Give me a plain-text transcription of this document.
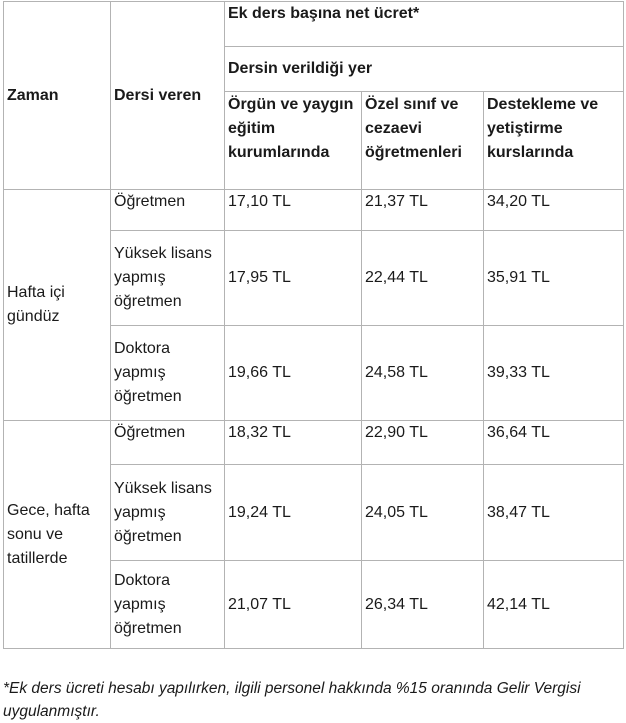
Zaman	Dersi veren	Ek ders başına net ücret*		
		Dersin verildiği yer		
		Örgün ve yaygın eğitim kurumlarında	Özel sınıf ve cezaevi öğretmenleri	Destekleme ve yetiştirme kurslarında
Hafta içi gündüz	Öğretmen	17,10 TL	21,37 TL	34,20 TL
	Yüksek lisans yapmış öğretmen	17,95 TL	22,44 TL	35,91 TL
	Doktora yapmış öğretmen	19,66 TL	24,58 TL	39,33 TL
Gece, hafta sonu ve tatillerde	Öğretmen	18,32 TL	22,90 TL	36,64 TL
	Yüksek lisans yapmış öğretmen	19,24 TL	24,05 TL	38,47 TL
	Doktora yapmış öğretmen	21,07 TL	26,34 TL	42,14 TL

*Ek ders ücreti hesabı yapılırken, ilgili personel hakkında %15 oranında Gelir Vergisi uygulanmıştır.
